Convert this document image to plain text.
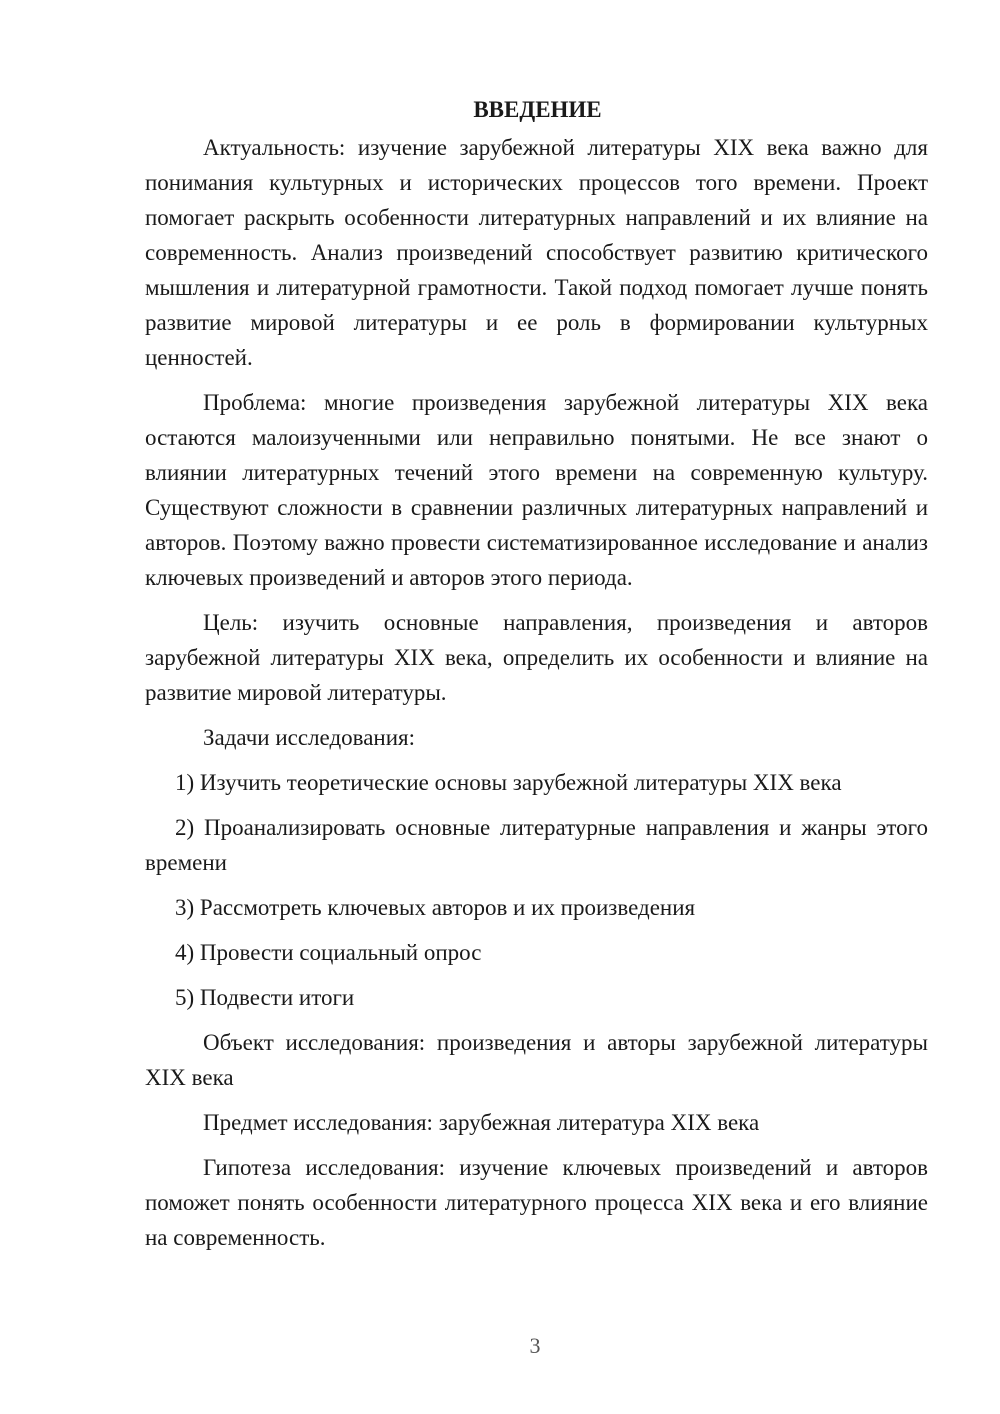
ВВЕДЕНИЕ

Актуальность: изучение зарубежной литературы XIX века важно для понимания культурных и исторических процессов того времени. Проект помогает раскрыть особенности литературных направлений и их влияние на современность. Анализ произведений способствует развитию критического мышления и литературной грамотности. Такой подход помогает лучше понять развитие мировой литературы и ее роль в формировании культурных ценностей.

Проблема: многие произведения зарубежной литературы XIX века остаются малоизученными или неправильно понятыми. Не все знают о влиянии литературных течений этого времени на современную культуру. Существуют сложности в сравнении различных литературных направлений и авторов. Поэтому важно провести систематизированное исследование и анализ ключевых произведений и авторов этого периода.

Цель: изучить основные направления, произведения и авторов зарубежной литературы XIX века, определить их особенности и влияние на развитие мировой литературы.

Задачи исследования:

1) Изучить теоретические основы зарубежной литературы XIX века

2) Проанализировать основные литературные направления и жанры этого времени

3) Рассмотреть ключевых авторов и их произведения

4) Провести социальный опрос

5) Подвести итоги

Объект исследования: произведения и авторы зарубежной литературы XIX века

Предмет исследования: зарубежная литература XIX века

Гипотеза исследования: изучение ключевых произведений и авторов поможет понять особенности литературного процесса XIX века и его влияние на современность.

3
